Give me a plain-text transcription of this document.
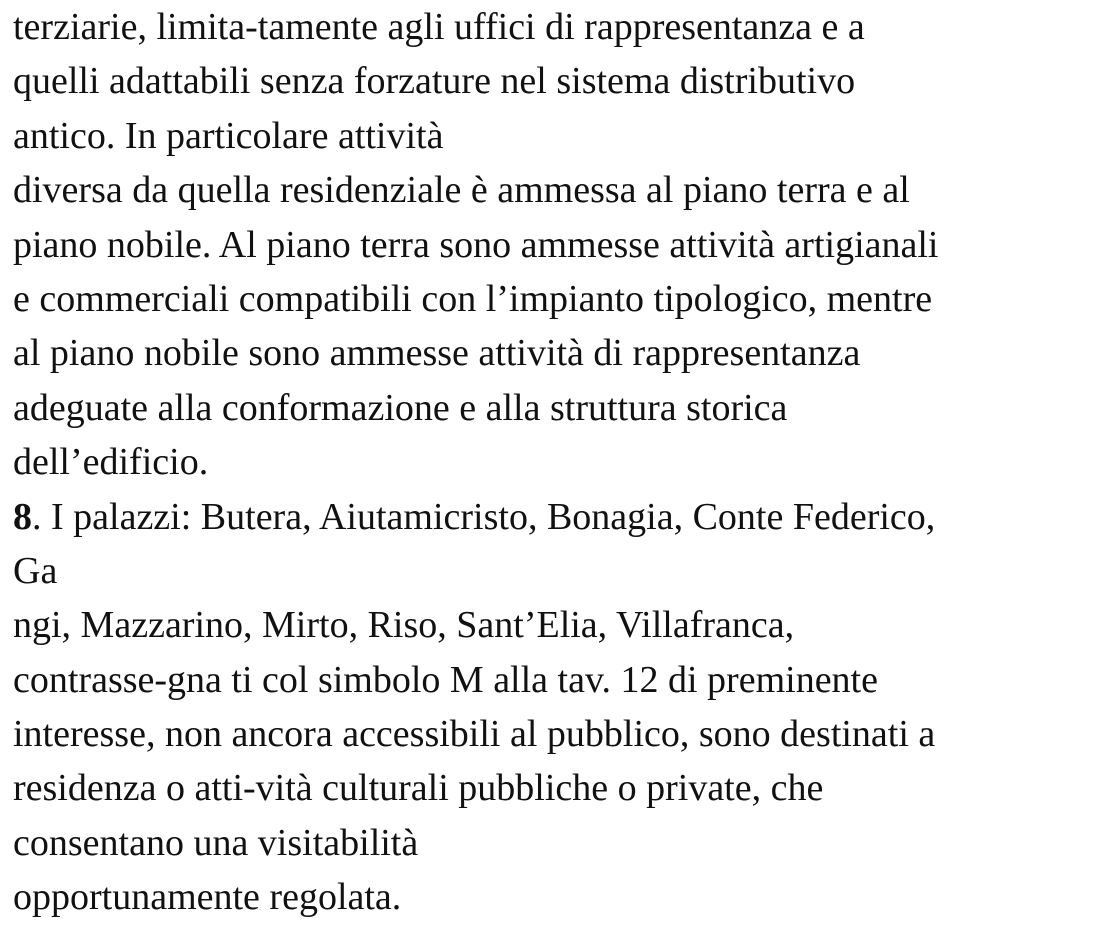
terziarie, limita-tamente agli uffici di rappresentanza e a
quelli adattabili senza forzature nel sistema distributivo
antico. In particolare attività
diversa da quella residenziale è ammessa al piano terra e al
piano nobile. Al piano terra sono ammesse attività artigianali
e commerciali compatibili con l’impianto tipologico, mentre
al piano nobile sono ammesse attività di rappresentanza
adeguate alla conformazione e alla struttura storica
dell’edificio.
8. I palazzi: Butera, Aiutamicristo, Bonagia, Conte Federico,
Ga
ngi, Mazzarino, Mirto, Riso, Sant’Elia, Villafranca,
contrasse-gna ti col simbolo M alla tav. 12 di preminente
interesse, non ancora accessibili al pubblico, sono destinati a
residenza o atti-vità culturali pubbliche o private, che
consentano una visitabilità
opportunamente regolata.
